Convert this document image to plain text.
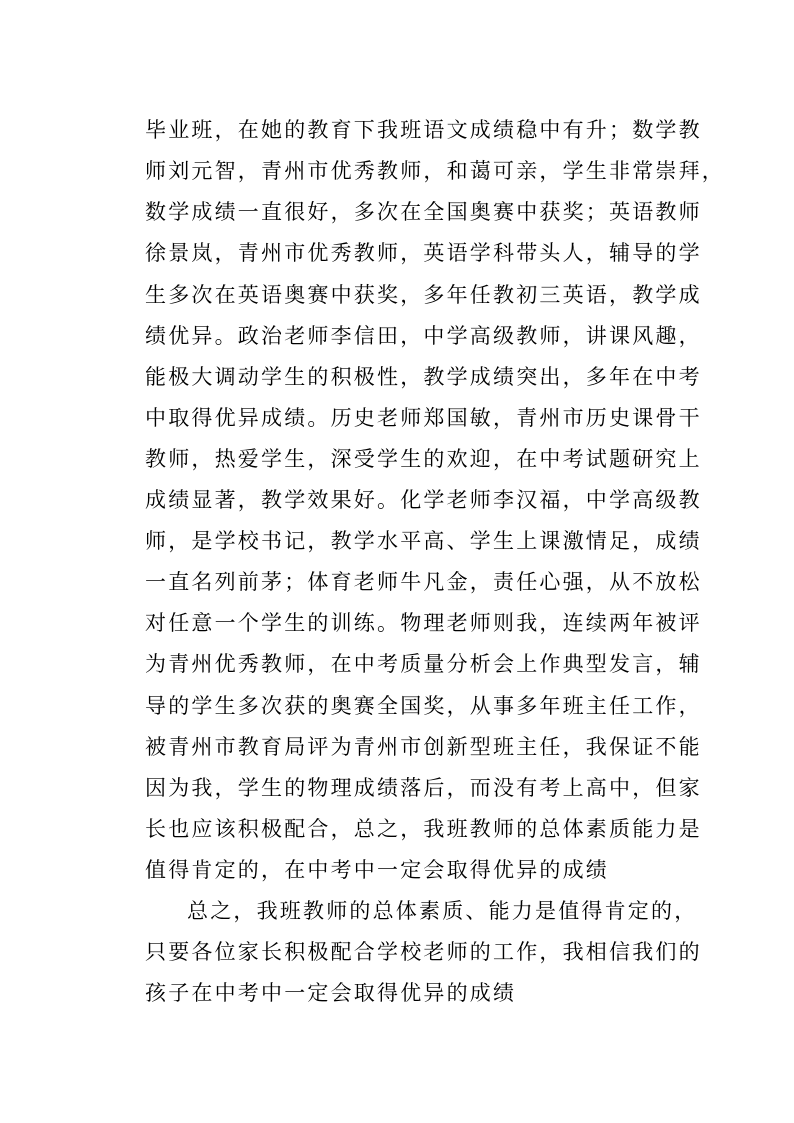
毕业班，在她的教育下我班语文成绩稳中有升；数学教
师刘元智，青州市优秀教师，和蔼可亲，学生非常崇拜，
数学成绩一直很好，多次在全国奥赛中获奖；英语教师
徐景岚，青州市优秀教师，英语学科带头人，辅导的学
生多次在英语奥赛中获奖，多年任教初三英语，教学成
绩优异。政治老师李信田，中学高级教师，讲课风趣，
能极大调动学生的积极性，教学成绩突出，多年在中考
中取得优异成绩。历史老师郑国敏，青州市历史课骨干
教师，热爱学生，深受学生的欢迎，在中考试题研究上
成绩显著，教学效果好。化学老师李汉福，中学高级教
师，是学校书记，教学水平高、学生上课激情足，成绩
一直名列前茅；体育老师牛凡金，责任心强，从不放松
对任意一个学生的训练。物理老师则我，连续两年被评
为青州优秀教师，在中考质量分析会上作典型发言，辅
导的学生多次获的奥赛全国奖，从事多年班主任工作，
被青州市教育局评为青州市创新型班主任，我保证不能
因为我，学生的物理成绩落后，而没有考上高中，但家
长也应该积极配合，总之，我班教师的总体素质能力是
值得肯定的，在中考中一定会取得优异的成绩
总之，我班教师的总体素质、能力是值得肯定的，
只要各位家长积极配合学校老师的工作，我相信我们的
孩子在中考中一定会取得优异的成绩
